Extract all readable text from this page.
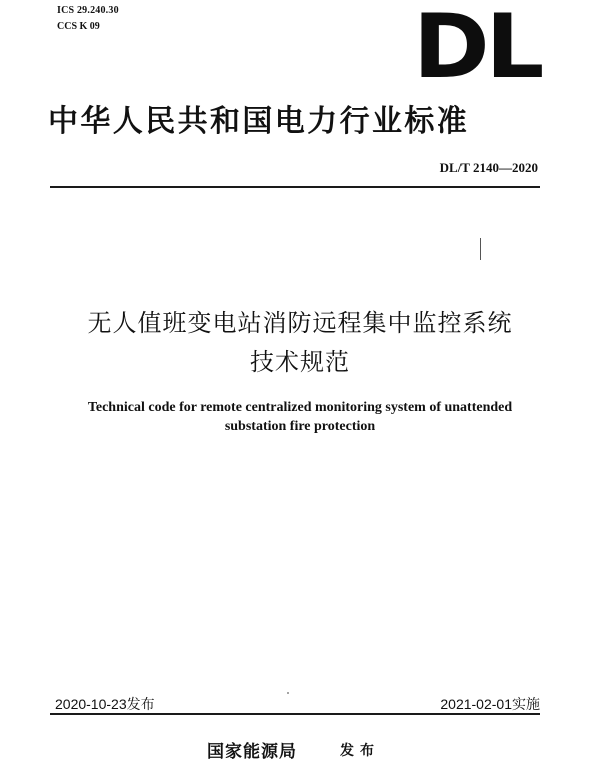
ICS 29.240.30
CCS K 09	DL
中华人民共和国电力行业标准
DL/T 2140—2020
无人值班变电站消防远程集中监控系统
技术规范
Technical code for remote centralized monitoring system of unattended
substation fire protection
2020-10-23发布	2021-02-01实施
国家能源局	发布
